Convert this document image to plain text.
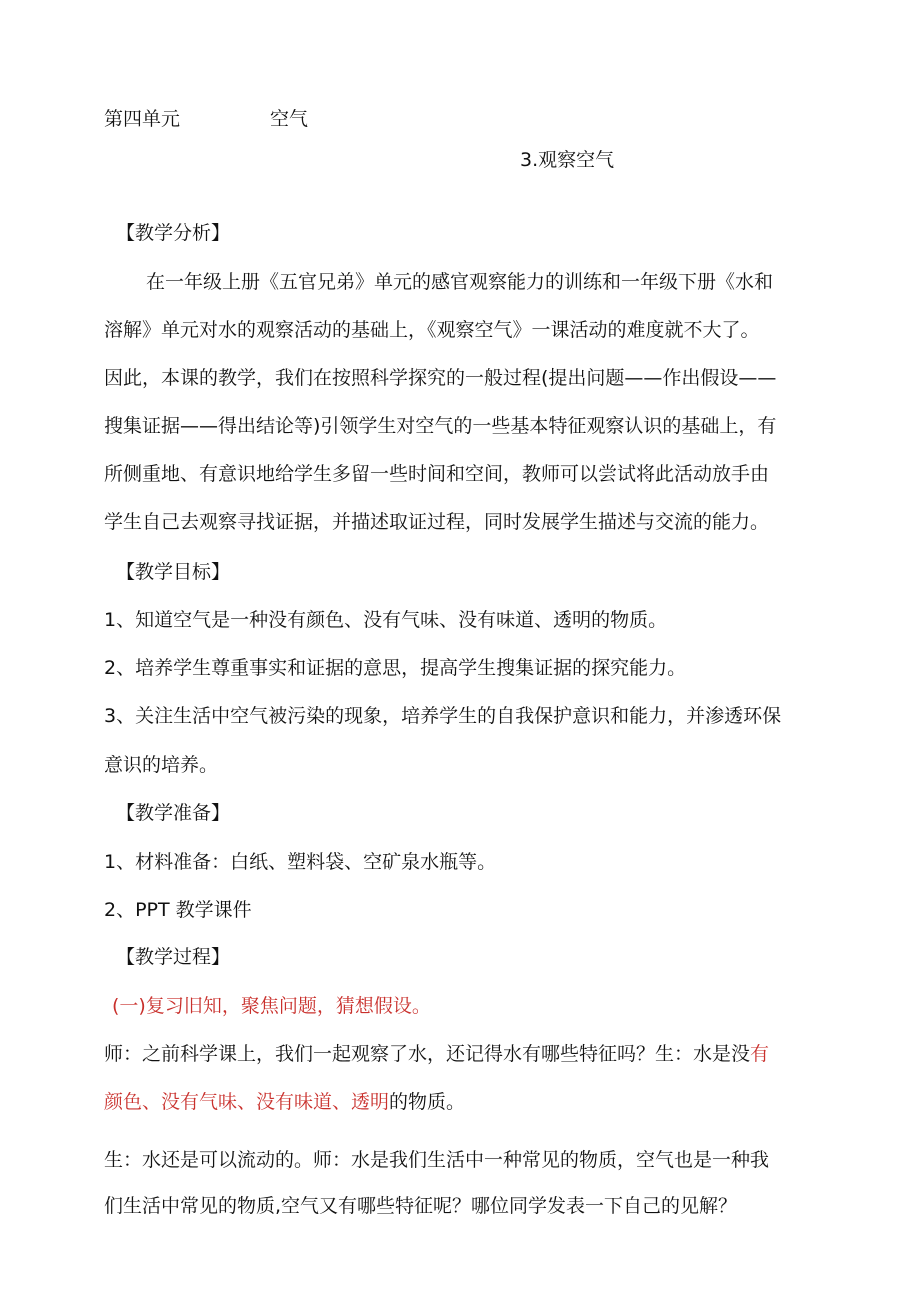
第四单元	空气
3.观察空气
【教学分析】
在一年级上册《五官兄弟》单元的感官观察能力的训练和一年级下册《水和
溶解》单元对水的观察活动的基础上，《观察空气》一课活动的难度就不大了。
因此，本课的教学，我们在按照科学探究的一般过程(提出问题——作出假设——
搜集证据——得出结论等)引领学生对空气的一些基本特征观察认识的基础上，有
所侧重地、有意识地给学生多留一些时间和空间，教师可以尝试将此活动放手由
学生自己去观察寻找证据，并描述取证过程，同时发展学生描述与交流的能力。
【教学目标】
1、知道空气是一种没有颜色、没有气味、没有味道、透明的物质。
2、培养学生尊重事实和证据的意思，提高学生搜集证据的探究能力。
3、关注生活中空气被污染的现象，培养学生的自我保护意识和能力，并渗透环保
意识的培养。
【教学准备】
1、材料准备：白纸、塑料袋、空矿泉水瓶等。
2、PPT 教学课件
【教学过程】
(一)复习旧知，聚焦问题，猜想假设。
师：之前科学课上，我们一起观察了水，还记得水有哪些特征吗？生：水是没有
颜色、没有气味、没有味道、透明的物质。
生：水还是可以流动的。师：水是我们生活中一种常见的物质，空气也是一种我
们生活中常见的物质,空气又有哪些特征呢？哪位同学发表一下自己的见解？
